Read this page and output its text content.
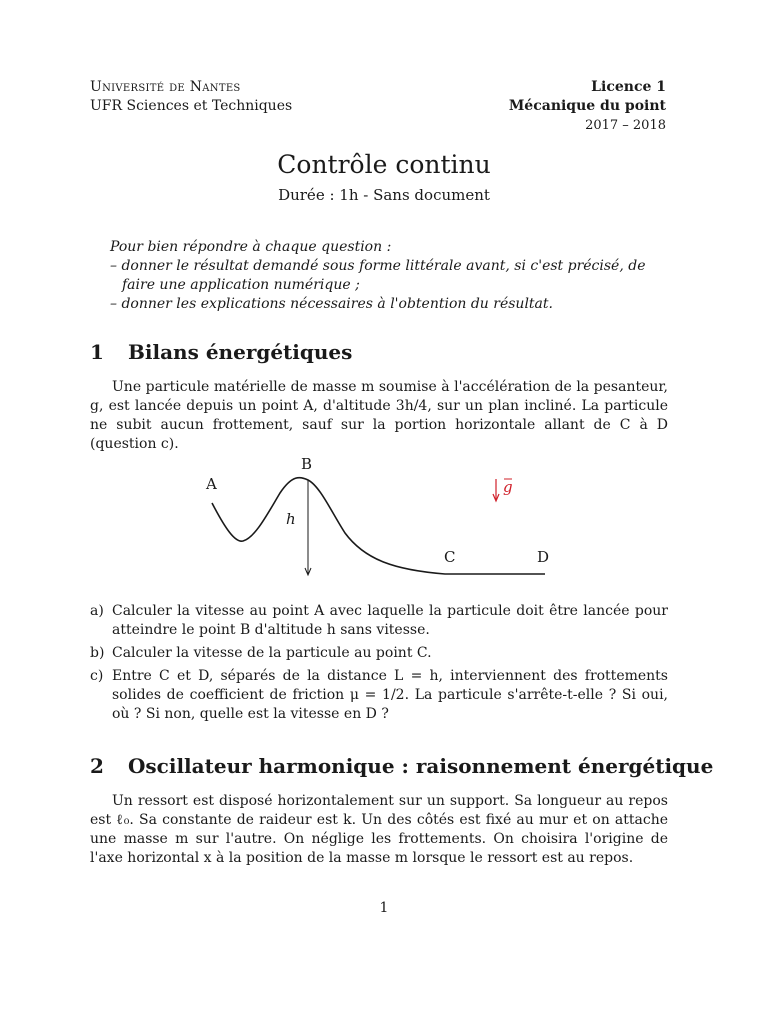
Université de Nantes
UFR Sciences et Techniques
Licence 1
Mécanique du point
2017 – 2018
Contrôle continu
Durée : 1h - Sans document
Pour bien répondre à chaque question :
– donner le résultat demandé sous forme littérale avant, si c'est précisé, de faire une application numérique ;
– donner les explications nécessaires à l'obtention du résultat.
1 Bilans énergétiques
Une particule matérielle de masse m soumise à l'accélération de la pesanteur, g, est lancée depuis un point A, d'altitude 3h/4, sur un plan incliné. La particule ne subit aucun frottement, sauf sur la portion horizontale allant de C à D (question c).
A
B
C	D
h
g
a) Calculer la vitesse au point A avec laquelle la particule doit être lancée pour atteindre le point B d'altitude h sans vitesse.
b) Calculer la vitesse de la particule au point C.
c) Entre C et D, séparés de la distance L = h, interviennent des frottements solides de coefficient de friction μ = 1/2. La particule s'arrête-t-elle ? Si oui, où ? Si non, quelle est la vitesse en D ?
2 Oscillateur harmonique : raisonnement énergétique
Un ressort est disposé horizontalement sur un support. Sa longueur au repos est ℓ₀. Sa constante de raideur est k. Un des côtés est fixé au mur et on attache une masse m sur l'autre. On néglige les frottements. On choisira l'origine de l'axe horizontal x à la position de la masse m lorsque le ressort est au repos.
1
